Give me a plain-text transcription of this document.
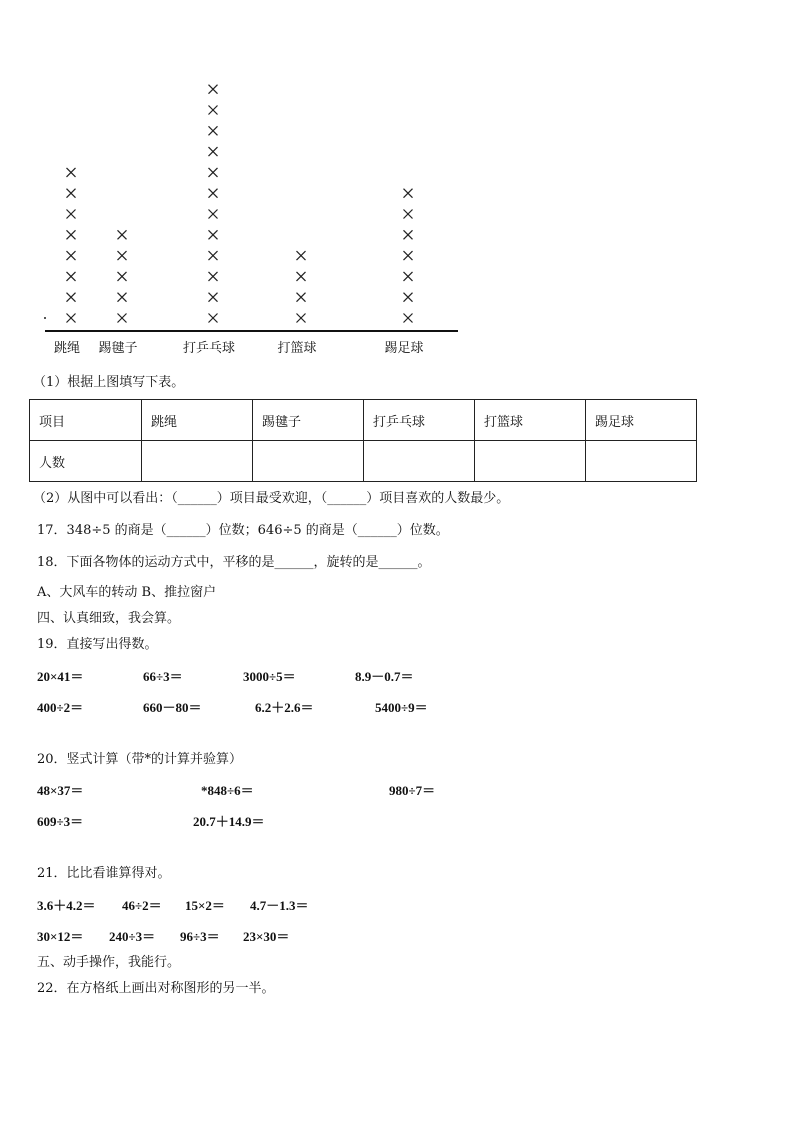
跳绳 踢毽子	打乒乓球	打篮球	踢足球
（1）根据上图填写下表。
项目	跳绳	踢毽子	打乒乓球	打篮球	踢足球
人数					
（2）从图中可以看出：（______）项目最受欢迎，（______）项目喜欢的人数最少。
17．348÷5 的商是（______）位数；646÷5 的商是（______）位数。
18．下面各物体的运动方式中，平移的是______，旋转的是______。
A、大风车的转动 B、推拉窗户
四、认真细致，我会算。
19．直接写出得数。
20×41＝	66÷3＝	3000÷5＝	8.9－0.7＝
400÷2＝	660－80＝	6.2＋2.6＝	5400÷9＝
20．竖式计算（带*的计算并验算）
48×37＝	*848÷6＝	980÷7＝
609÷3＝	20.7＋14.9＝
21．比比看谁算得对。
3.6＋4.2＝ 46÷2＝ 15×2＝ 4.7－1.3＝
30×12＝ 240÷3＝ 96÷3＝ 23×30＝
五、动手操作，我能行。
22．在方格纸上画出对称图形的另一半。
